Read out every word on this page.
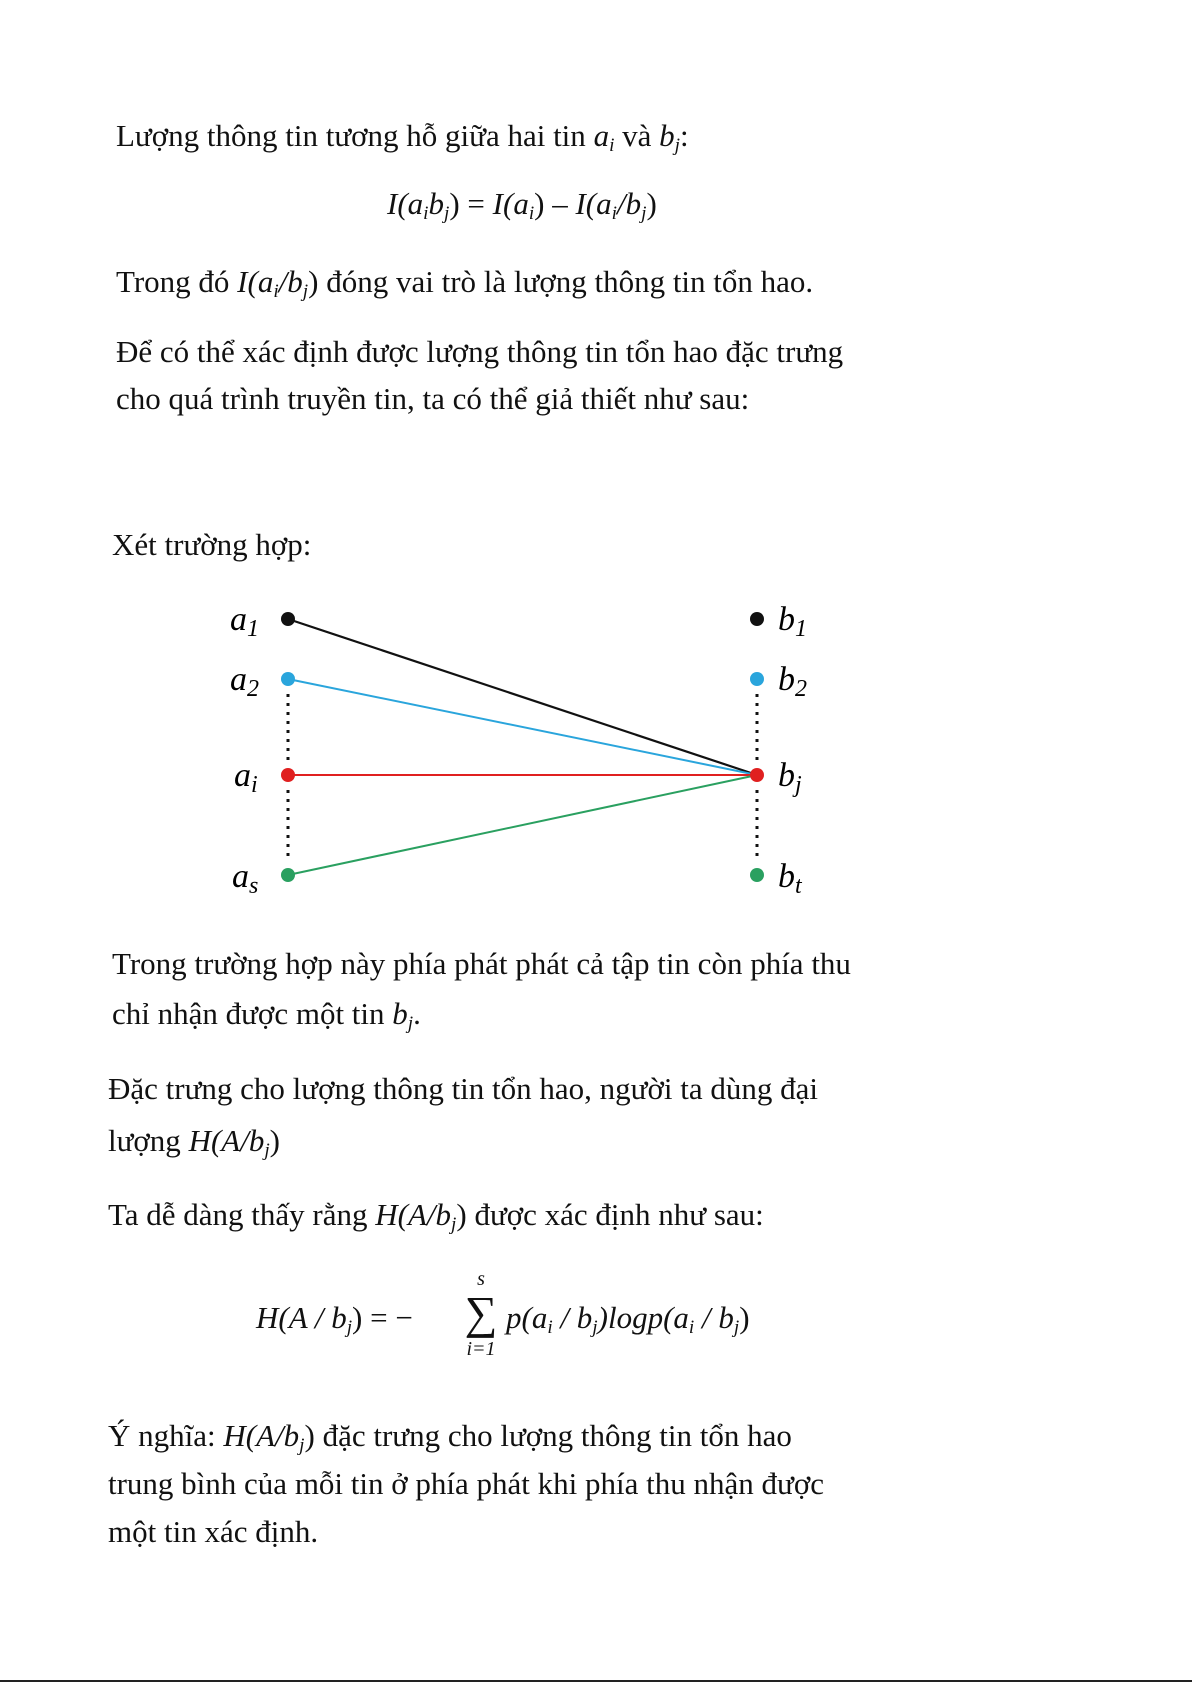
Lượng thông tin tương hỗ giữa hai tin $a_i$ và $b_j$:
$I(a_ib_j) = I(a_i) - I(a_i/b_j)$
Trong đó $I(a_i/b_j)$ đóng vai trò là lượng thông tin tổn hao.
Để có thể xác định được lượng thông tin tổn hao đặc trưng
cho quá trình truyền tin, ta có thể giả thiết như sau:
Xét trường hợp:
a1
a2
ai
as
b1
b2
bj
bt
Trong trường hợp này phía phát phát cả tập tin còn phía thu
chỉ nhận được một tin $b_j$.
Đặc trưng cho lượng thông tin tổn hao, người ta dùng đại
lượng $H(A/b_j)$
Ta dễ dàng thấy rằng $H(A/b_j)$ được xác định như sau:
$H(A / b_j)$ = −
s
∑
i=1
$p(a_i / b_j)\log p(a_i / b_j)$
Ý nghĩa: $H(A/b_j)$ đặc trưng cho lượng thông tin tổn hao
trung bình của mỗi tin ở phía phát khi phía thu nhận được
một tin xác định.
